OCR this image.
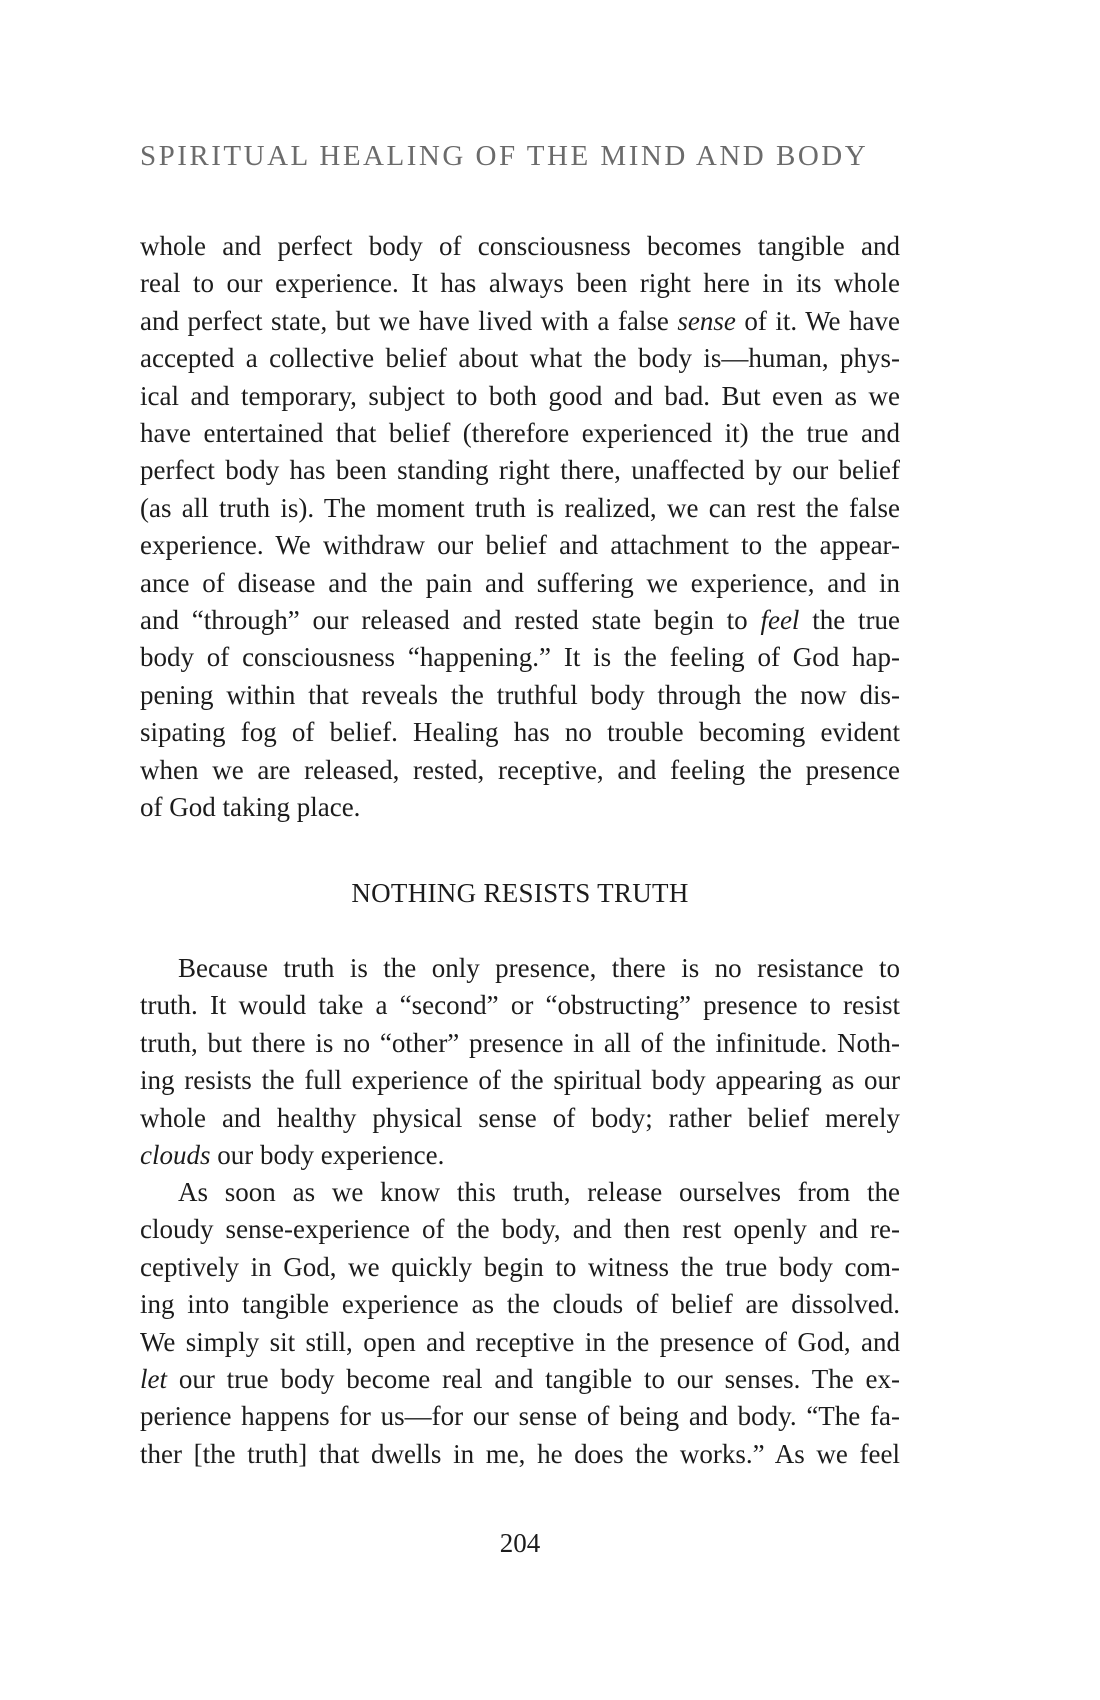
SPIRITUAL HEALING OF THE MIND AND BODY
whole and perfect body of consciousness becomes tangible and
real to our experience. It has always been right here in its whole
and perfect state, but we have lived with a false sense of it. We have
accepted a collective belief about what the body is—human, phys-
ical and temporary, subject to both good and bad. But even as we
have entertained that belief (therefore experienced it) the true and
perfect body has been standing right there, unaffected by our belief
(as all truth is). The moment truth is realized, we can rest the false
experience. We withdraw our belief and attachment to the appear-
ance of disease and the pain and suffering we experience, and in
and “through” our released and rested state begin to feel the true
body of consciousness “happening.” It is the feeling of God hap-
pening within that reveals the truthful body through the now dis-
sipating fog of belief. Healing has no trouble becoming evident
when we are released, rested, receptive, and feeling the presence
of God taking place.
NOTHING RESISTS TRUTH
Because truth is the only presence, there is no resistance to
truth. It would take a “second” or “obstructing” presence to resist
truth, but there is no “other” presence in all of the infinitude. Noth-
ing resists the full experience of the spiritual body appearing as our
whole and healthy physical sense of body; rather belief merely
clouds our body experience.
As soon as we know this truth, release ourselves from the
cloudy sense-experience of the body, and then rest openly and re-
ceptively in God, we quickly begin to witness the true body com-
ing into tangible experience as the clouds of belief are dissolved.
We simply sit still, open and receptive in the presence of God, and
let our true body become real and tangible to our senses. The ex-
perience happens for us—for our sense of being and body. “The fa-
ther [the truth] that dwells in me, he does the works.” As we feel
204
